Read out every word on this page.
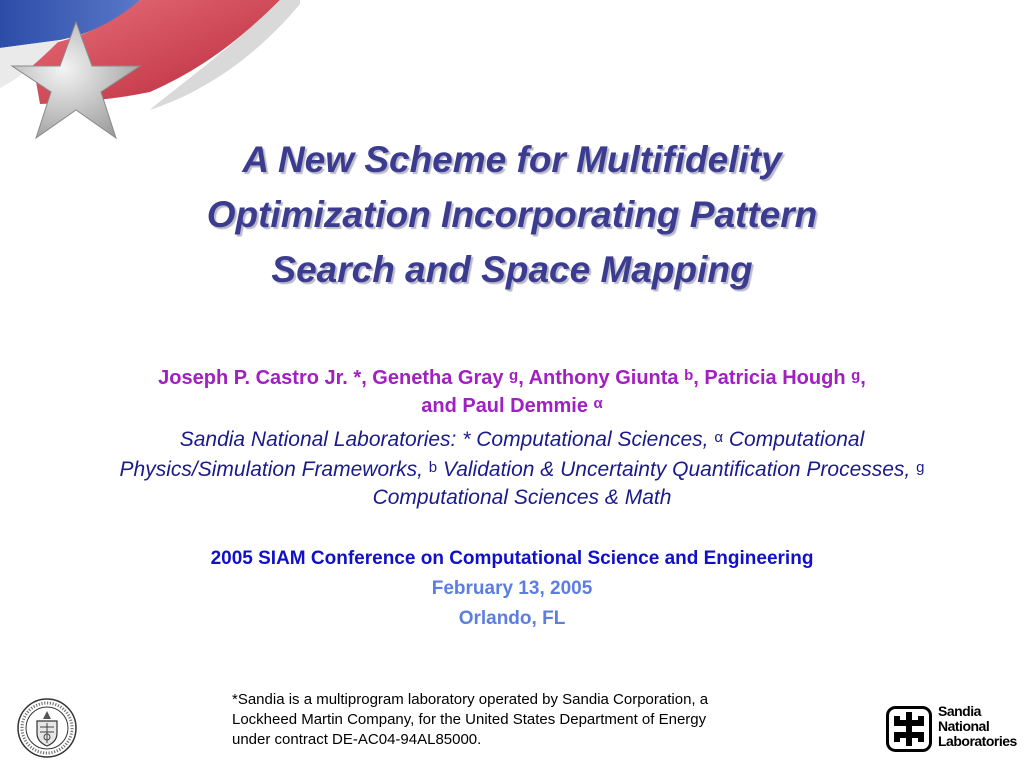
A New Scheme for Multifidelity
Optimization Incorporating Pattern
Search and Space Mapping
Joseph P. Castro Jr. *, Genetha Gray $^g$, Anthony Giunta $^b$, Patricia Hough $^g$,
and Paul Demmie $^\alpha$
Sandia National Laboratories: * Computational Sciences, $^\alpha$ Computational Physics/Simulation Frameworks, $^b$ Validation & Uncertainty Quantification Processes, $^g$ Computational Sciences & Math
2005 SIAM Conference on Computational Science and Engineering
February 13, 2005
Orlando, FL
*Sandia is a multiprogram laboratory operated by Sandia Corporation, a
Lockheed Martin Company, for the United States Department of Energy
under contract DE-AC04-94AL85000.
Sandia
National
Laboratories
